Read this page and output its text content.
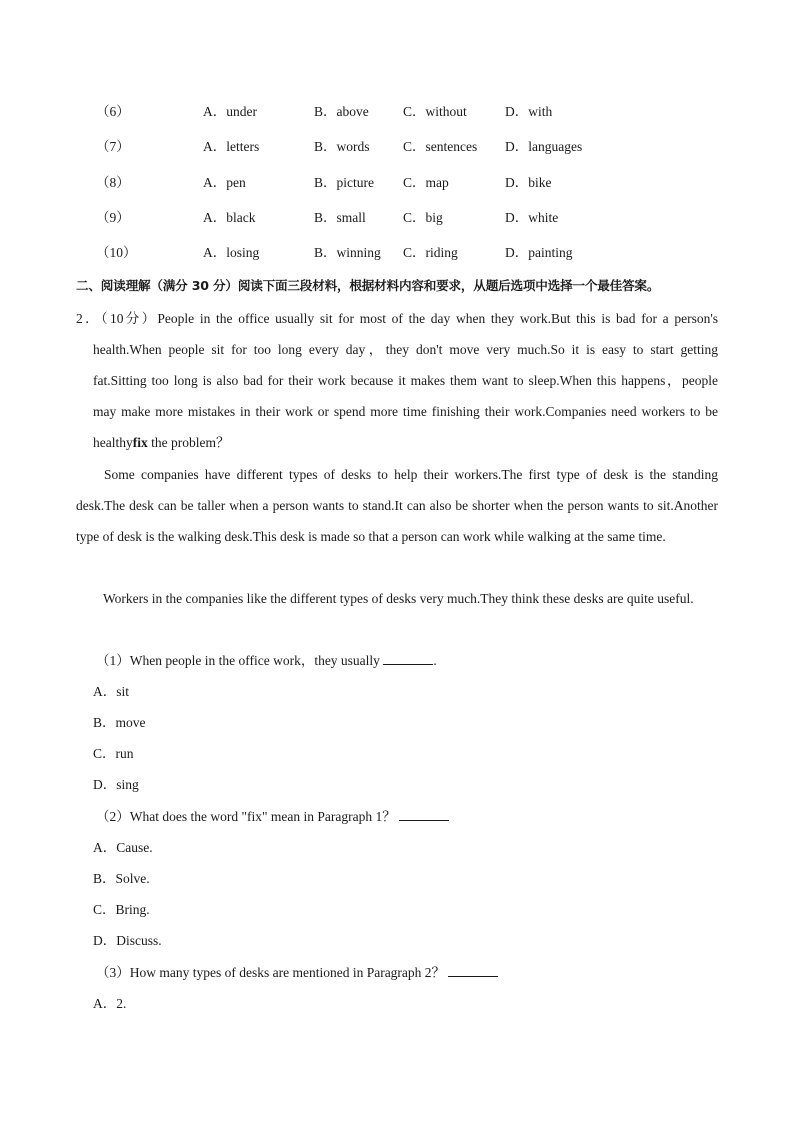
（6）	A．under	B．above	C．without	D．with
（7）	A．letters	B．words C．sentences D．languages
（8）	A．pen	B．picture C．map	D．bike
（9）	A．black	B．small	C．big	D．white
（10）	A．losing	B．winning C．riding	D．painting
二、阅读理解（满分 30 分）阅读下面三段材料，根据材料内容和要求，从题后选项中选择一个最佳答案。
2．（10分）People in the office usually sit for most of the day when they work.But this is bad for a person's
health.When people sit for too long every day，they don't move very much.So it is easy to start getting
fat.Sitting too long is also bad for their work because it makes them want to sleep.When this happens，people
may make more mistakes in their work or spend more time finishing their work.Companies need workers to be
healthyfix the problem？
Some companies have different types of desks to help their workers.The first type of desk is the standing desk.The desk can be taller when a person wants to stand.It can also be shorter when the person wants to sit.Another type of desk is the walking desk.This desk is made so that a person can work while walking at the same time.
Workers in the companies like the different types of desks very much.They think these desks are quite useful.
（1）When people in the office work，they usually	.
A．sit
B．move
C．run
D．sing
（2）What does the word "fix" mean in Paragraph 1？
A．Cause.
B．Solve.
C．Bring.
D．Discuss.
（3）How many types of desks are mentioned in Paragraph 2？
A．2.
